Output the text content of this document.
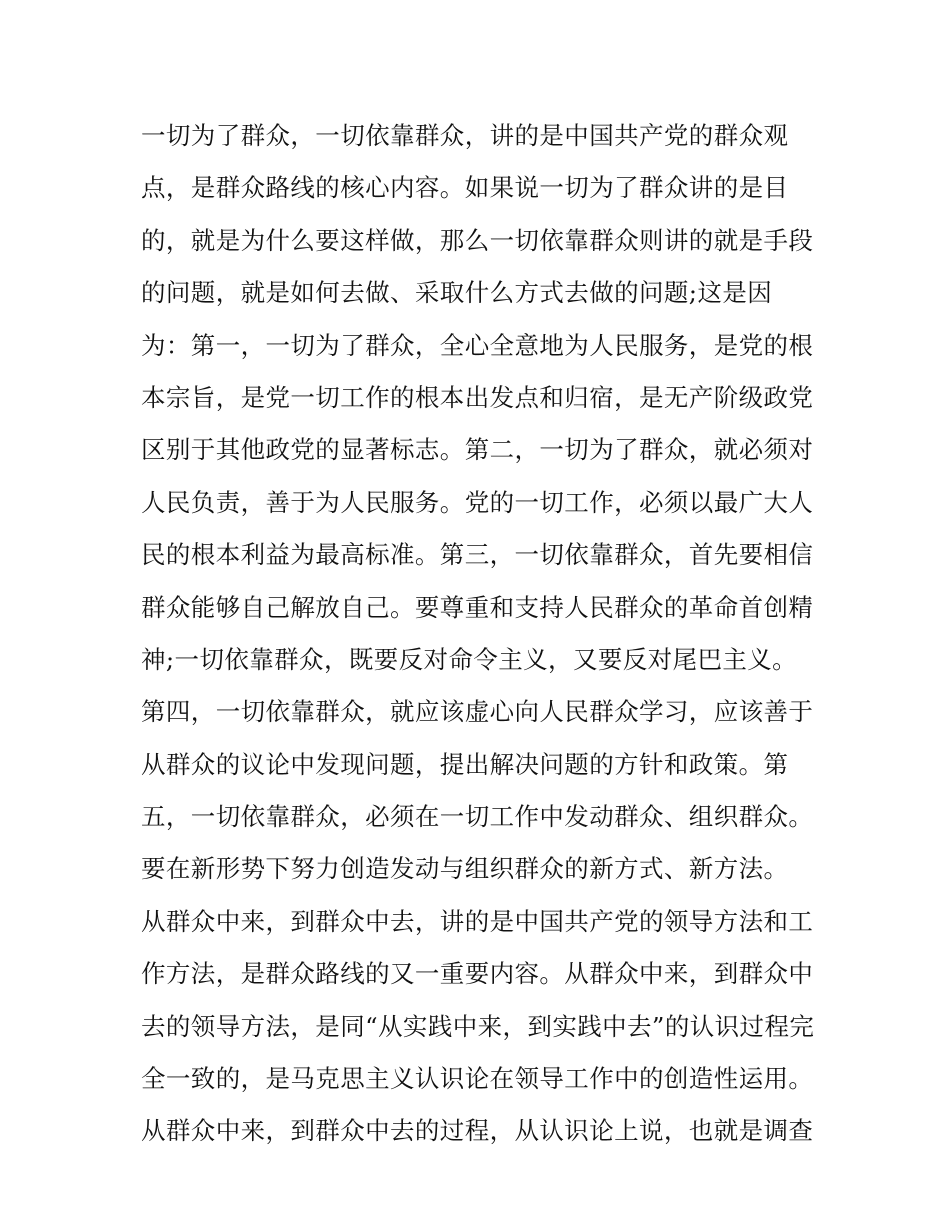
一切为了群众，一切依靠群众，讲的是中国共产党的群众观
点，是群众路线的核心内容。如果说一切为了群众讲的是目
的，就是为什么要这样做，那么一切依靠群众则讲的就是手段
的问题，就是如何去做、采取什么方式去做的问题;这是因
为：第一，一切为了群众，全心全意地为人民服务，是党的根
本宗旨，是党一切工作的根本出发点和归宿，是无产阶级政党
区别于其他政党的显著标志。第二，一切为了群众，就必须对
人民负责，善于为人民服务。党的一切工作，必须以最广大人
民的根本利益为最高标准。第三，一切依靠群众，首先要相信
群众能够自己解放自己。要尊重和支持人民群众的革命首创精
神;一切依靠群众，既要反对命令主义，又要反对尾巴主义。
第四，一切依靠群众，就应该虚心向人民群众学习，应该善于
从群众的议论中发现问题，提出解决问题的方针和政策。第
五，一切依靠群众，必须在一切工作中发动群众、组织群众。
要在新形势下努力创造发动与组织群众的新方式、新方法。
从群众中来，到群众中去，讲的是中国共产党的领导方法和工
作方法，是群众路线的又一重要内容。从群众中来，到群众中
去的领导方法，是同“从实践中来，到实践中去”的认识过程完
全一致的，是马克思主义认识论在领导工作中的创造性运用。
从群众中来，到群众中去的过程，从认识论上说，也就是调查
